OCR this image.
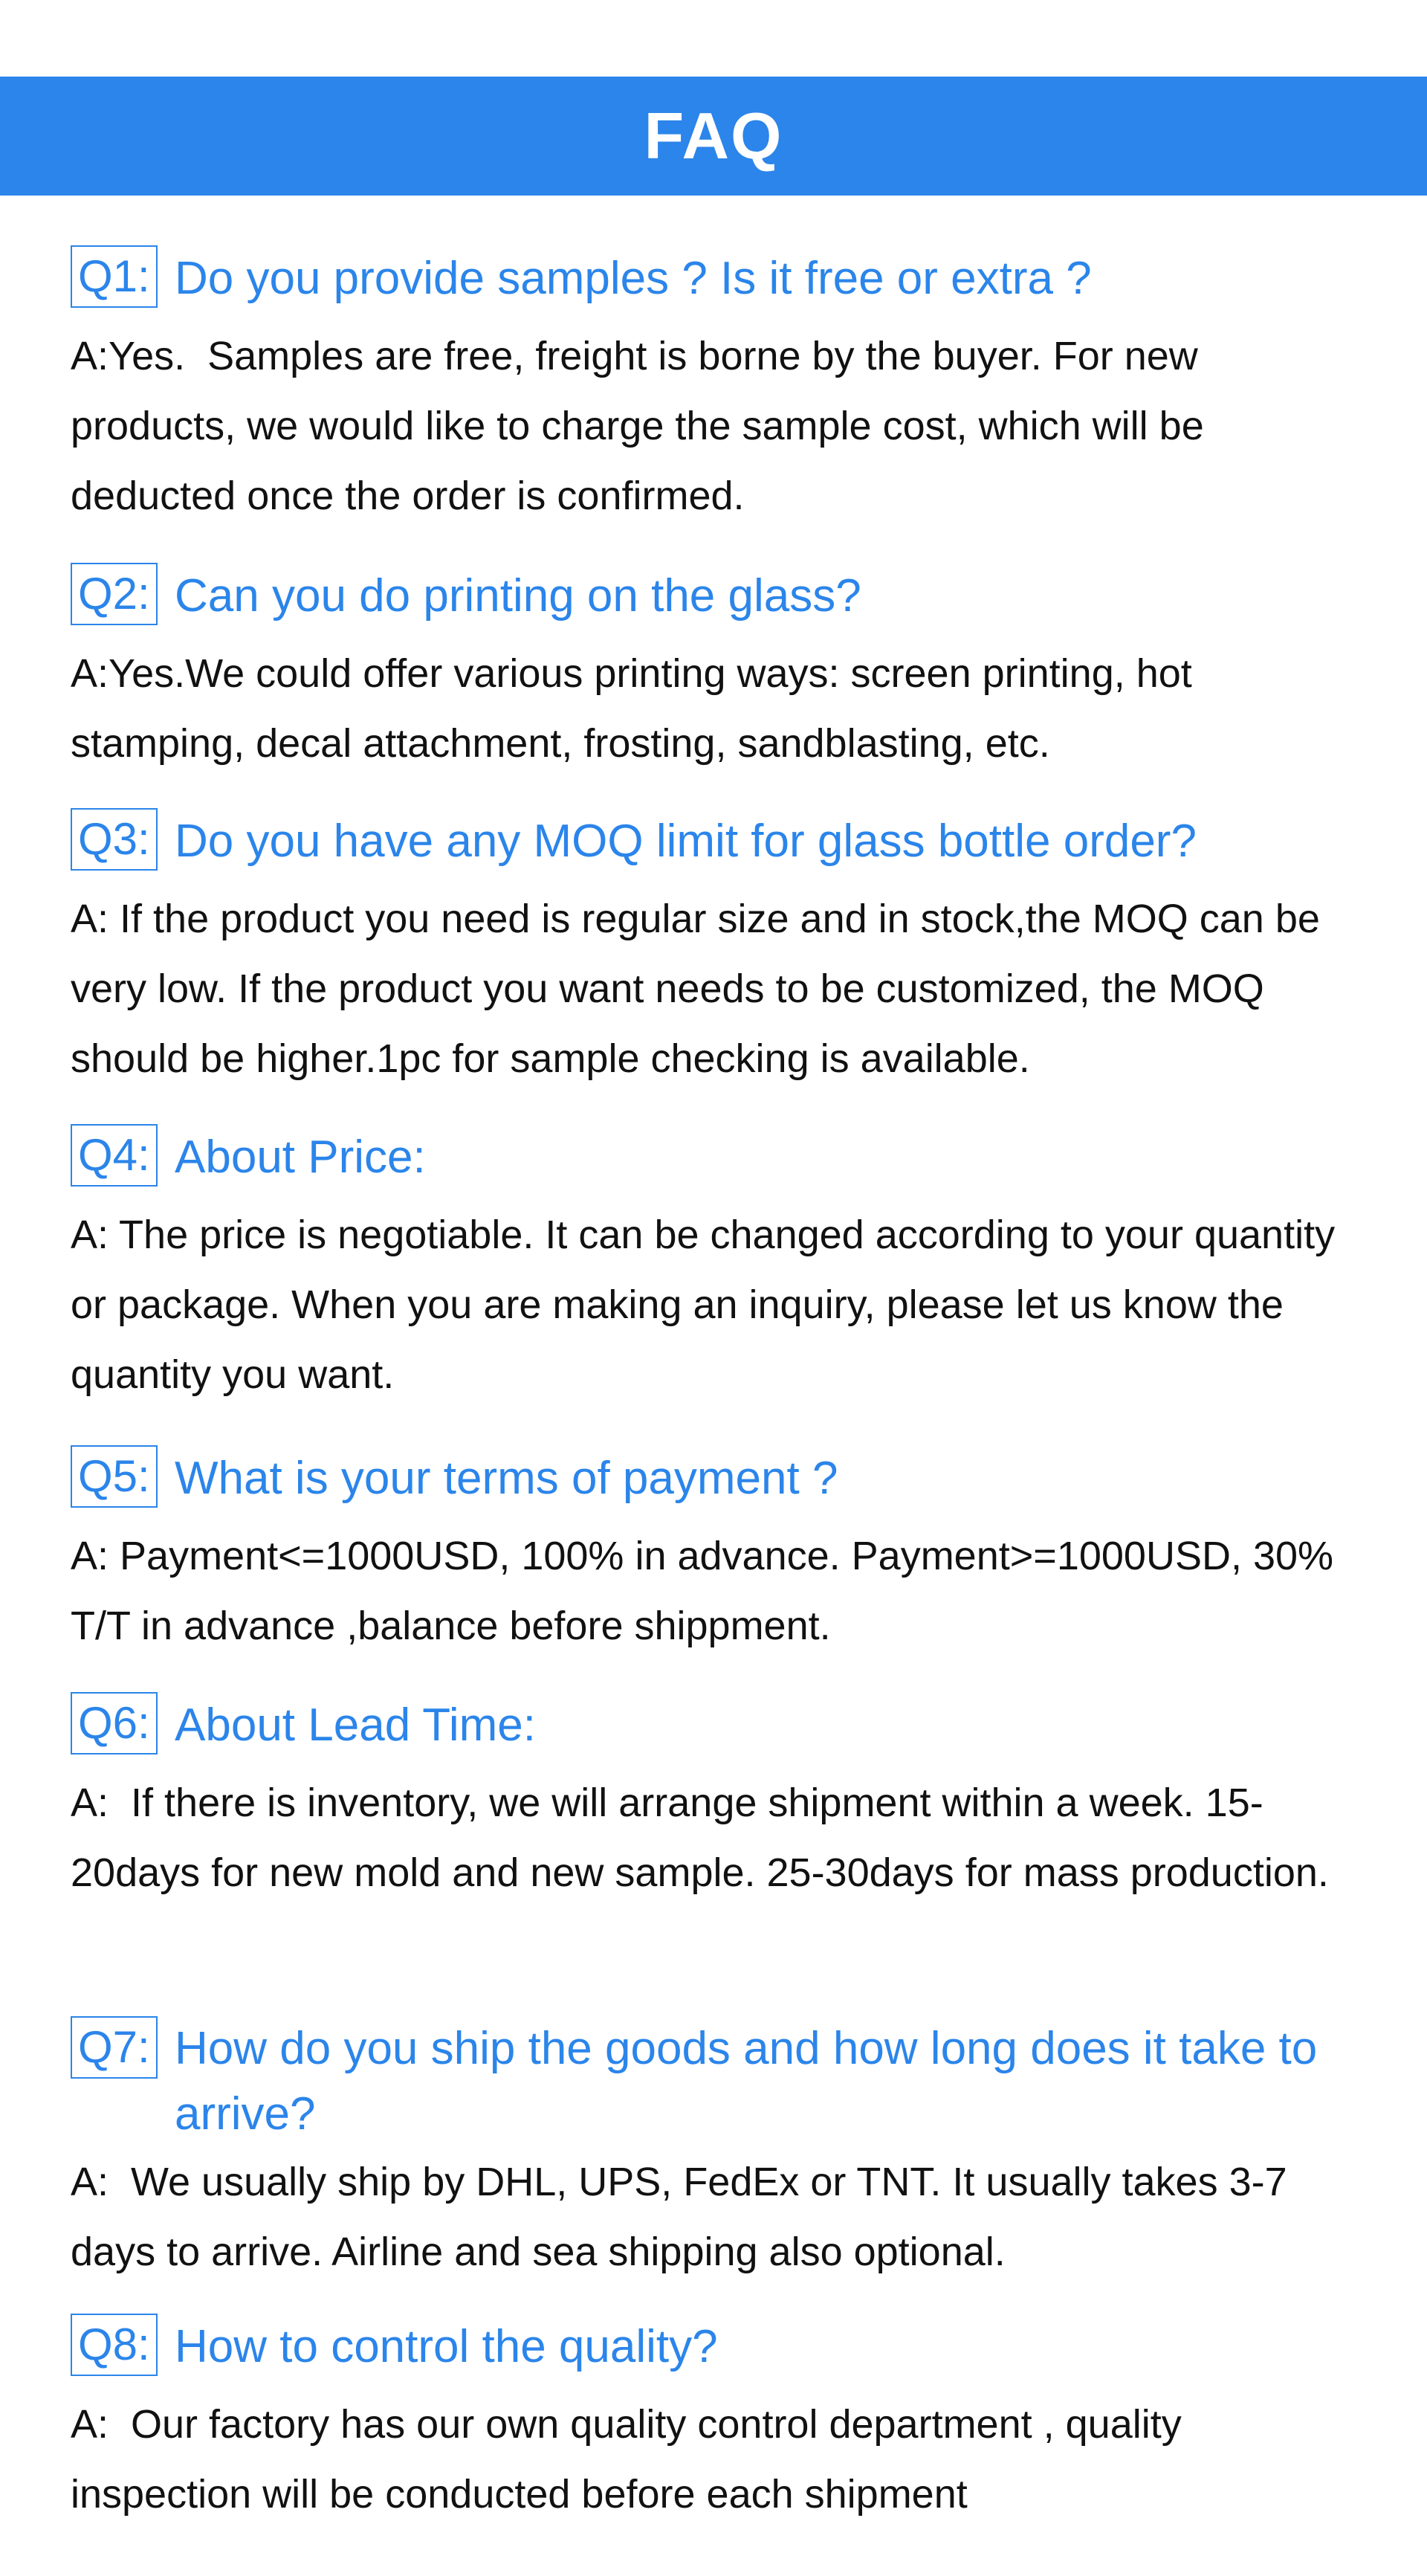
FAQ
Q1: Do you provide samples ? Is it free or extra ?
A:Yes.  Samples are free, freight is borne by the buyer. For new products, we would like to charge the sample cost, which will be deducted once the order is confirmed.
Q2: Can you do printing on the glass?
A:Yes.We could offer various printing ways: screen printing, hot stamping, decal attachment, frosting, sandblasting, etc.
Q3: Do you have any MOQ limit for glass bottle order?
A: If the product you need is regular size and in stock,the MOQ can be very low. If the product you want needs to be customized, the MOQ should be higher.1pc for sample checking is available.
Q4: About Price:
A: The price is negotiable. It can be changed according to your quantity or package. When you are making an inquiry, please let us know the quantity you want.
Q5: What is your terms of payment ?
A: Payment<=1000USD, 100% in advance. Payment>=1000USD, 30% T/T in advance ,balance before shippment.
Q6: About Lead Time:
A:  If there is inventory, we will arrange shipment within a week. 15-20days for new mold and new sample. 25-30days for mass production.
Q7: How do you ship the goods and how long does it take to arrive?
A:  We usually ship by DHL, UPS, FedEx or TNT. It usually takes 3-7 days to arrive. Airline and sea shipping also optional.
Q8: How to control the quality?
A:  Our factory has our own quality control department , quality inspection will be conducted before each shipment
